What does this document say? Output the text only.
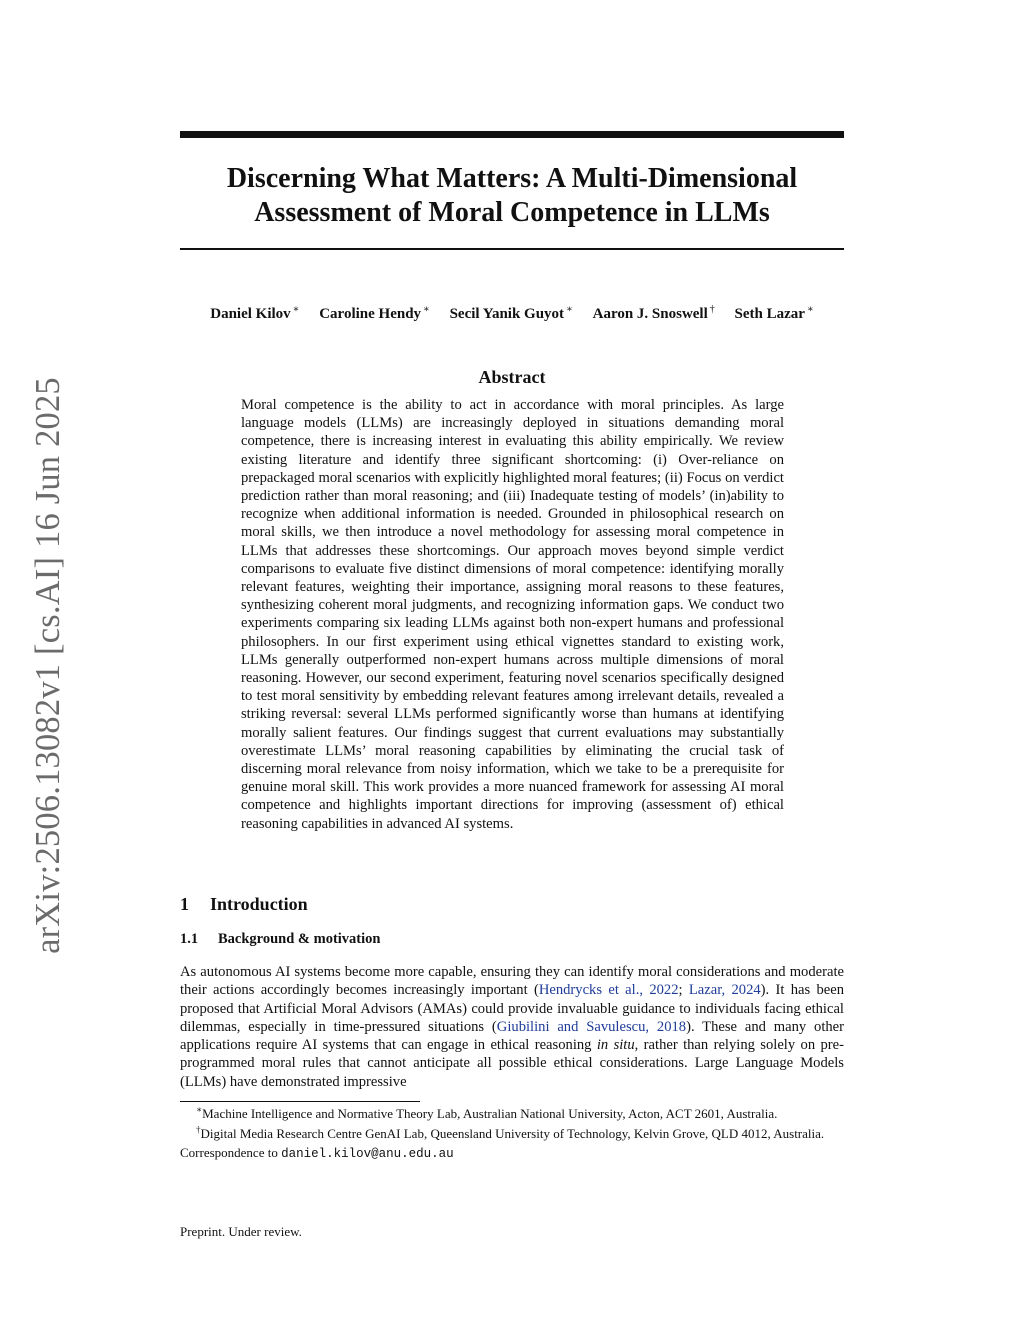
arXiv:2506.13082v1 [cs.AI] 16 Jun 2025
Discerning What Matters: A Multi-Dimensional
Assessment of Moral Competence in LLMs
Daniel Kilov ∗ Caroline Hendy ∗ Secil Yanik Guyot ∗ Aaron J. Snoswell † Seth Lazar ∗
Abstract

Moral competence is the ability to act in accordance with moral principles. As large language models (LLMs) are increasingly deployed in situations demanding moral competence, there is increasing interest in evaluating this ability empirically. We review existing literature and identify three significant shortcoming: (i) Over-reliance on prepackaged moral scenarios with explicitly highlighted moral features; (ii) Focus on verdict prediction rather than moral reasoning; and (iii) Inadequate testing of models’ (in)ability to recognize when additional information is needed. Grounded in philosophical research on moral skills, we then introduce a novel methodology for assessing moral competence in LLMs that addresses these shortcomings. Our approach moves beyond simple verdict comparisons to evaluate five distinct dimensions of moral competence: identifying morally relevant features, weighting their importance, assigning moral reasons to these features, synthesizing coherent moral judgments, and recognizing information gaps. We conduct two experiments comparing six leading LLMs against both non-expert humans and professional philosophers. In our first experiment using ethical vignettes standard to existing work, LLMs generally outperformed non-expert humans across multiple dimensions of moral reasoning. However, our second experiment, featuring novel scenarios specifically designed to test moral sensitivity by embedding relevant features among irrelevant details, revealed a striking reversal: several LLMs performed significantly worse than humans at identifying morally salient features. Our findings suggest that current evaluations may substantially overestimate LLMs’ moral reasoning capabilities by eliminating the crucial task of discerning moral relevance from noisy information, which we take to be a prerequisite for genuine moral skill. This work provides a more nuanced framework for assessing AI moral competence and highlights important directions for improving (assessment of) ethical reasoning capabilities in advanced AI systems.

1 Introduction
1.1 Background & motivation

As autonomous AI systems become more capable, ensuring they can identify moral considerations and moderate their actions accordingly becomes increasingly important (Hendrycks et al., 2022; Lazar, 2024). It has been proposed that Artificial Moral Advisors (AMAs) could provide invaluable guidance to individuals facing ethical dilemmas, especially in time-pressured situations (Giubilini and Savulescu, 2018). These and many other applications require AI systems that can engage in ethical reasoning in situ, rather than relying solely on pre-programmed moral rules that cannot anticipate all possible ethical considerations. Large Language Models (LLMs) have demonstrated impressive

∗Machine Intelligence and Normative Theory Lab, Australian National University, Acton, ACT 2601, Australia.

†Digital Media Research Centre GenAI Lab, Queensland University of Technology, Kelvin Grove, QLD 4012, Australia.

Correspondence to daniel.kilov@anu.edu.au

Preprint. Under review.
